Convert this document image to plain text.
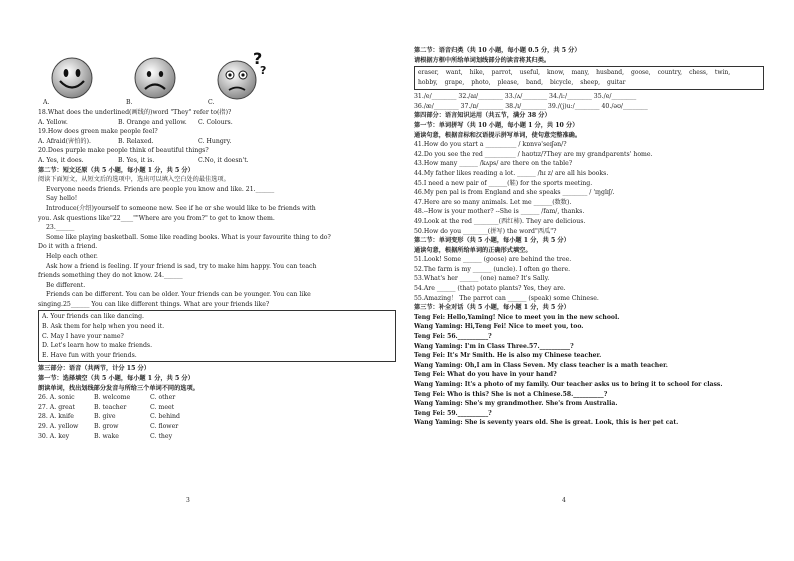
?
?
A.	B.	C.
18.What does the underlined(画线的)word "They" refer to(指)?
A. Yellow.	B. Orange and yellow. C. Colours.
19.How does green make people feel?
A. Afraid(害怕的).	B. Relaxed.	C. Hungry.
20.Does purple make people think of beautiful things?
A. Yes, it does.	B. Yes, it is.	C.No, it doesn't.
第二节：短文还原（共 5 小题，每小题 1 分，共 5 分）
阅读下面短文，从短文后的选项中，选出可以填入空白处的最佳选项。
Everyone needs friends. Friends are people you know and like. 21.______
Say hello!
Introduce(介绍)yourself to someone new. See if he or she would like to be friends with
you. Ask questions like"22____""Where are you from?" to get to know them.
23.______
Some like playing basketball. Some like reading books. What is your favourite thing to do?
Do it with a friend.
Help each other.
Ask how a friend is feeling. If your friend is sad, try to make him happy. You can teach
friends something they do not know. 24.______
Be different.
Friends can be different. You can be older. Your friends can be younger. You can like
singing.25______ You can like different things. What are your friends like?
A. Your friends can like dancing.
B. Ask them for help when you need it.
C. May I have your name?
D. Let's learn how to make friends.
E. Have fun with your friends.
第三部分：语音（共两节，计分 15 分）
第一节：选择填空（共 5 小题，每小题 1 分，共 5 分）
朗读单词，找出划线部分发音与所给三个单词不同的选项。
26. A. sonic	B. welcome	C. other
27. A. great	B. teacher	C. meet
28. A. knife	B. give	C. behind
29. A. yellow	B. grow	C. flower
30. A. key	B. wake	C. they
3
第二节：语音归类（共 10 小题，每小题 0.5 分，共 5 分）
请根据方框中所给单词划线部分的读音将其归类。
eraser, want, hike, parrot, useful, know, many, husband, goose, country, chess, twin,hobby, grape, photo, please, band, bicycle, sheep, guitar
31./e/________ 32./aɪ/________ 33./ʌ/________ 34./i:/________ 35./e/________
36./æ/________ 37./ɒ/________ 38./ɪ/________ 39./(j)u:/________ 40./əʊ/________
第四部分：语言知识运用（共五节，满分 38 分）
第一节：单词拼写（共 10 小题，每小题 1 分，共 10 分）
通读句意，根据音标和汉语提示拼写单词，使句意完整准确。
41.How do you start a __________ / kɒnvə'seɪʃən/?
42.Do you see the red __________ / haʊtɪz/?They are my grandparents' home.
43.How many ______ /kʌps/ are there on the table?
44.My father likes reading a lot. ______ /hɪ z/ are all his books.
45.I need a new pair of ______(鞋) for the sports meeting.
46.My pen pal is from England and she speaks ________ / 'ɪŋglɪʃ/.
47.Here are so many animals. Let me ______(数数).
48.--How is your mother? --She is ______ /fam/, thanks.
49.Look at the red ________(西红柿). They are delicious.
50.How do you ________(拼写) the word"西瓜"?
第二节：单词变形（共 5 小题，每小题 1 分，共 5 分）
通读句意，根据所给单词的正确形式填空。
51.Look! Some ______ (goose) are behind the tree.
52.The farm is my ______ (uncle). I often go there.
53.What's her ______ (one) name? It's Sally.
54.Are ______ (that) potato plants? Yes, they are.
55.Amazing！ The parrot can ______ (speak) some Chinese.
第三节：补全对话（共 5 小题，每小题 1 分，共 5 分）
Teng Fei: Hello,Yaming! Nice to meet you in the new school.
Wang Yaming: Hi,Teng Fei! Nice to meet you, too.
Teng Fei: 56.__________?
Wang Yaming: I'm in Class Three.57.__________?
Teng Fei: It's Mr Smith. He is also my Chinese teacher.
Wang Yaming: Oh,I am in Class Seven. My class teacher is a math teacher.
Teng Fei: What do you have in your hand?
Wang Yaming: It's a photo of my family. Our teacher asks us to bring it to school for class.
Teng Fei: Who is this? She is not a Chinese.58.__________?
Wang Yaming: She's my grandmother. She's from Australia.
Teng Fei: 59.__________?
Wang Yaming: She is seventy years old. She is great. Look, this is her pet cat.
4
